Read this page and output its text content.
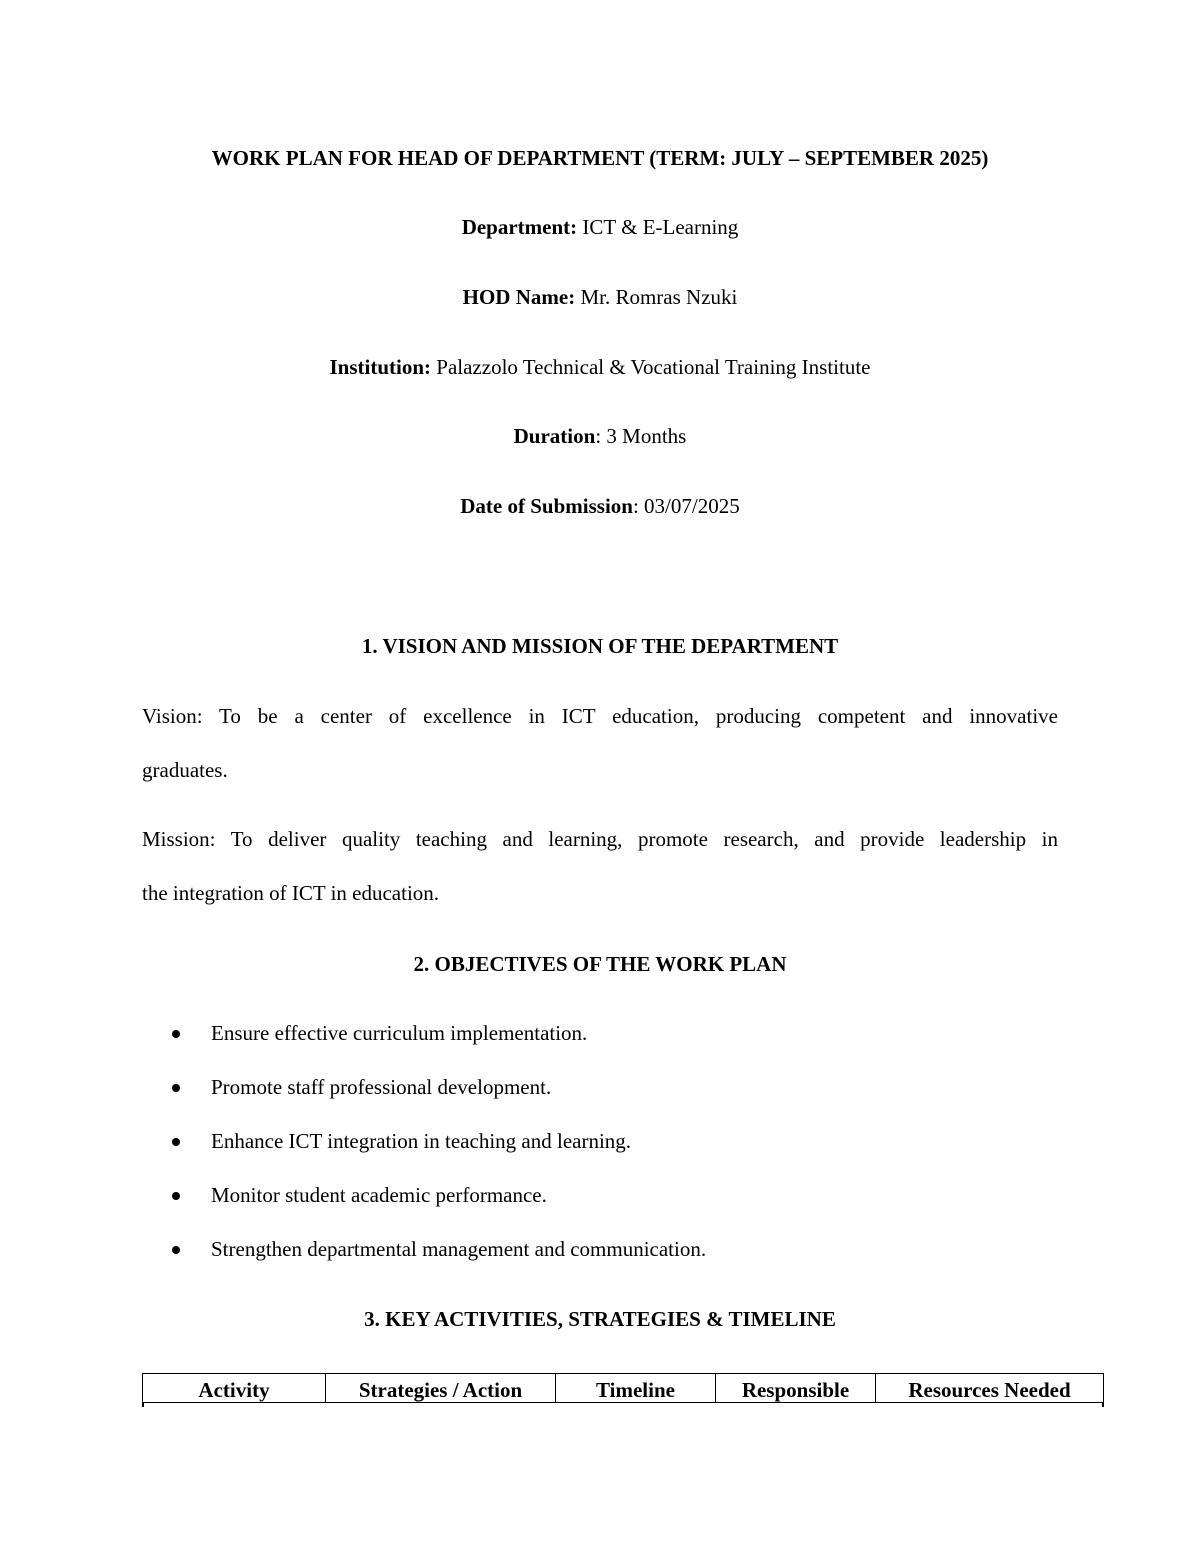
WORK PLAN FOR HEAD OF DEPARTMENT (TERM: JULY – SEPTEMBER 2025)
Department: ICT & E-Learning
HOD Name: Mr. Romras Nzuki
Institution: Palazzolo Technical & Vocational Training Institute
Duration: 3 Months
Date of Submission: 03/07/2025
1. VISION AND MISSION OF THE DEPARTMENT
Vision: To be a center of excellence in ICT education, producing competent and innovative
graduates.
Mission: To deliver quality teaching and learning, promote research, and provide leadership in
the integration of ICT in education.
2. OBJECTIVES OF THE WORK PLAN
Ensure effective curriculum implementation.
Promote staff professional development.
Enhance ICT integration in teaching and learning.
Monitor student academic performance.
Strengthen departmental management and communication.
3. KEY ACTIVITIES, STRATEGIES & TIMELINE
Activity	Strategies / Action	Timeline	Responsible	Resources Needed
